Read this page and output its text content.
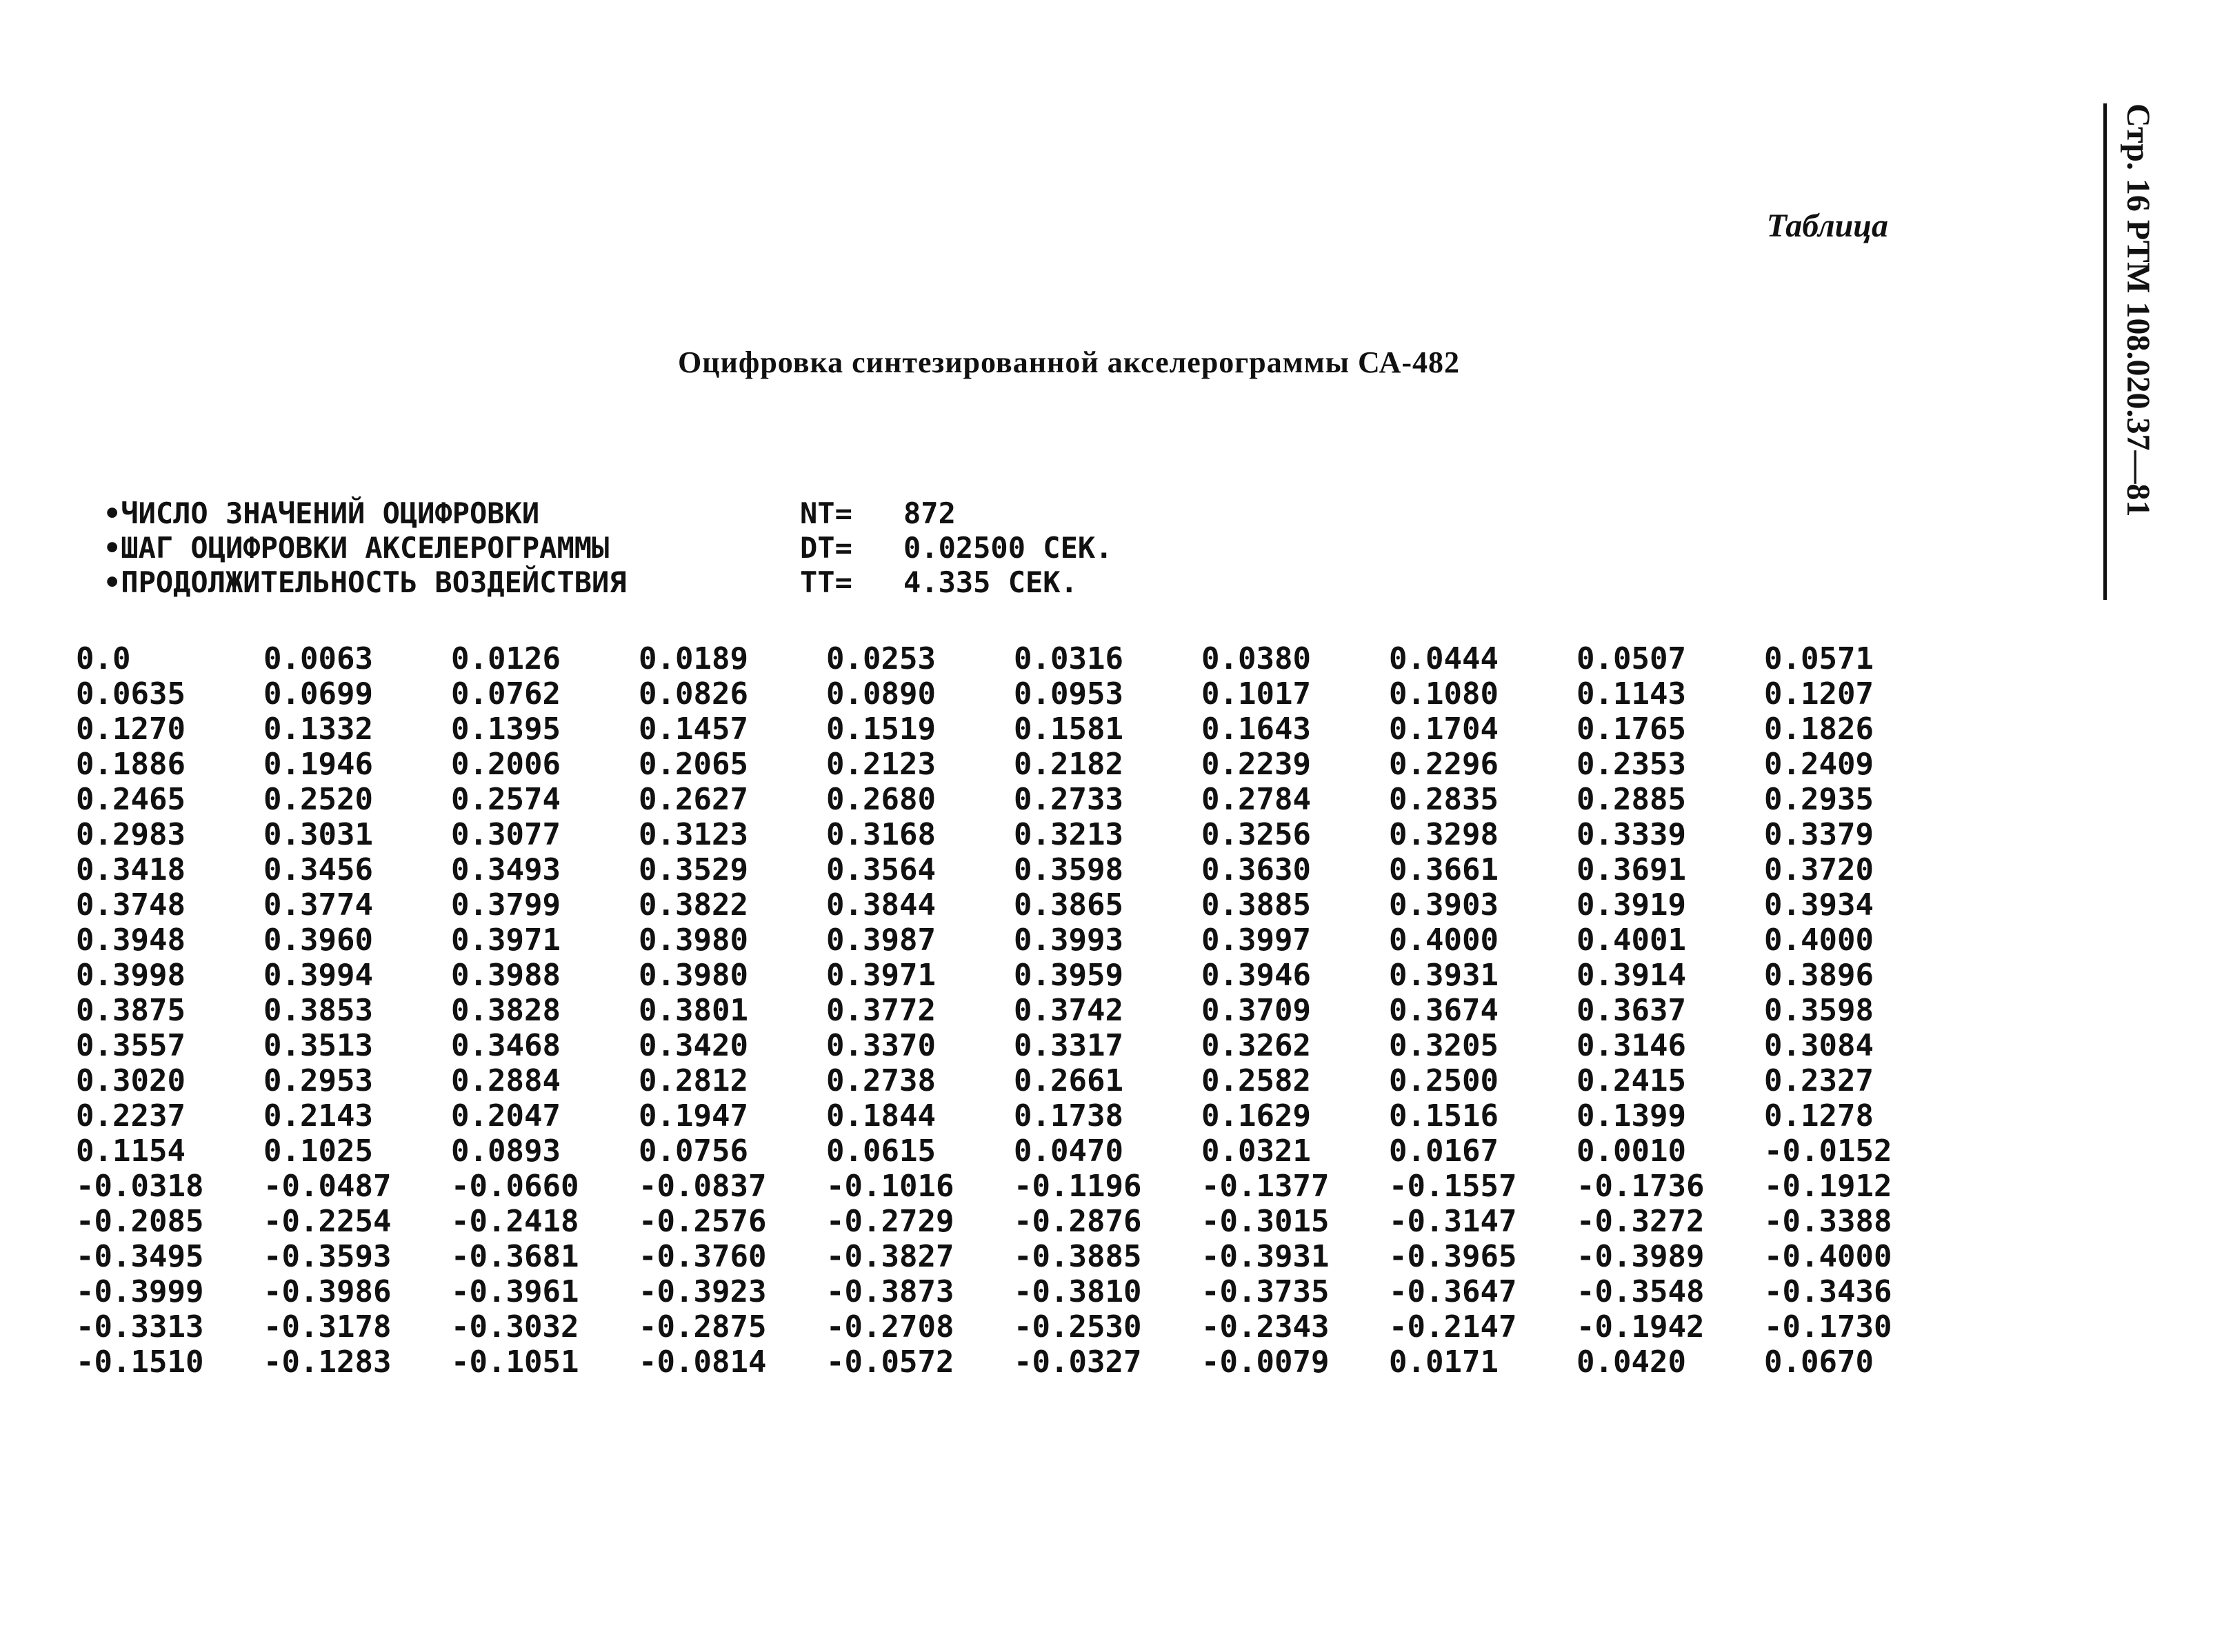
Стр. 16 РТМ 108.020.37—81
Таблица
Оцифровка синтезированной акселерограммы СА-482
•ЧИСЛО ЗНАЧЕНИЙ ОЦИФРОВКИ	NT=	872
•ШАГ ОЦИФРОВКИ АКСЕЛЕРОГРАММЫ	DT=	0.02500 СЕК.
•ПРОДОЛЖИТЕЛЬНОСТЬ ВОЗДЕЙСТВИЯ	TT=	4.335 СЕК.
0.0	0.0063	0.0126	0.0189	0.0253	0.0316	0.0380	0.0444	0.0507	0.0571
0.0635	0.0699	0.0762	0.0826	0.0890	0.0953	0.1017	0.1080	0.1143	0.1207
0.1270	0.1332	0.1395	0.1457	0.1519	0.1581	0.1643	0.1704	0.1765	0.1826
0.1886	0.1946	0.2006	0.2065	0.2123	0.2182	0.2239	0.2296	0.2353	0.2409
0.2465	0.2520	0.2574	0.2627	0.2680	0.2733	0.2784	0.2835	0.2885	0.2935
0.2983	0.3031	0.3077	0.3123	0.3168	0.3213	0.3256	0.3298	0.3339	0.3379
0.3418	0.3456	0.3493	0.3529	0.3564	0.3598	0.3630	0.3661	0.3691	0.3720
0.3748	0.3774	0.3799	0.3822	0.3844	0.3865	0.3885	0.3903	0.3919	0.3934
0.3948	0.3960	0.3971	0.3980	0.3987	0.3993	0.3997	0.4000	0.4001	0.4000
0.3998	0.3994	0.3988	0.3980	0.3971	0.3959	0.3946	0.3931	0.3914	0.3896
0.3875	0.3853	0.3828	0.3801	0.3772	0.3742	0.3709	0.3674	0.3637	0.3598
0.3557	0.3513	0.3468	0.3420	0.3370	0.3317	0.3262	0.3205	0.3146	0.3084
0.3020	0.2953	0.2884	0.2812	0.2738	0.2661	0.2582	0.2500	0.2415	0.2327
0.2237	0.2143	0.2047	0.1947	0.1844	0.1738	0.1629	0.1516	0.1399	0.1278
0.1154	0.1025	0.0893	0.0756	0.0615	0.0470	0.0321	0.0167	0.0010	-0.0152
-0.0318	-0.0487	-0.0660	-0.0837	-0.1016	-0.1196	-0.1377	-0.1557	-0.1736	-0.1912
-0.2085	-0.2254	-0.2418	-0.2576	-0.2729	-0.2876	-0.3015	-0.3147	-0.3272	-0.3388
-0.3495	-0.3593	-0.3681	-0.3760	-0.3827	-0.3885	-0.3931	-0.3965	-0.3989	-0.4000
-0.3999	-0.3986	-0.3961	-0.3923	-0.3873	-0.3810	-0.3735	-0.3647	-0.3548	-0.3436
-0.3313	-0.3178	-0.3032	-0.2875	-0.2708	-0.2530	-0.2343	-0.2147	-0.1942	-0.1730
-0.1510	-0.1283	-0.1051	-0.0814	-0.0572	-0.0327	-0.0079	0.0171	0.0420	0.0670
